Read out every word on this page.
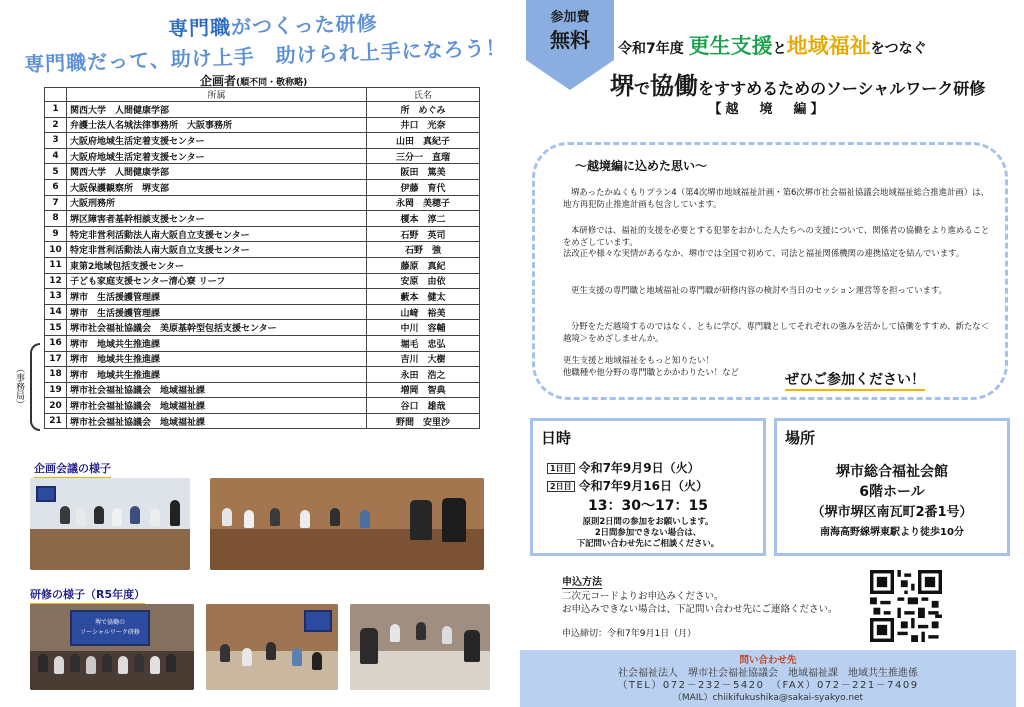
専門職がつくった研修
専門職だって、助け上手　助けられ上手になろう！
企画者(順不同・敬称略)
	所属	氏名
1	関西大学　人間健康学部	所　めぐみ
2	弁護士法人名城法律事務所　大阪事務所	井口　光奈
3	大阪府地域生活定着支援センター	山田　真紀子
4	大阪府地域生活定着支援センター	三分一　直瑠
5	関西大学　人間健康学部	阪田　篤美
6	大阪保護観察所　堺支部	伊藤　育代
7	大阪刑務所	永岡　美穂子
8	堺区障害者基幹相談支援センター	榎本　淳二
9	特定非営利活動法人南大阪自立支援センター	石野　英司
10	特定非営利活動法人南大阪自立支援センター	石野　強
11	東第2地域包括支援センター	藤原　真紀
12	子ども家庭支援センター清心寮 リーフ	安原　由依
13	堺市　生活援護管理課	藪本　健太
14	堺市　生活援護管理課	山﨑　裕美
15	堺市社会福祉協議会　美原基幹型包括支援センター	中川　容輔
16	堺市　地域共生推進課	堀毛　忠弘
17	堺市　地域共生推進課	吉川　大樹
18	堺市　地域共生推進課	永田　浩之
19	堺市社会福祉協議会　地域福祉課	増岡　智典
20	堺市社会福祉協議会　地域福祉課	谷口　雄哉
21	堺市社会福祉協議会　地域福祉課	野間　安里沙
（事務局）
企画会議の様子
研修の様子（R5年度）
堺で協働の
ソーシャルワーク研修
参加費
無料	令和7年度 更生支援と地域福祉をつなぐ
堺で協働をすすめるためのソーシャルワーク研修
【越　境　編】
～越境編に込めた思い～

堺あったかぬくもりプラン4（第4次堺市地域福祉計画・第6次堺市社会福祉協議会地域福祉総合推進計画）は、地方再犯防止推進計画も包含しています。

本研修では、福祉的支援を必要とする犯罪をおかした人たちへの支援について、関係者の協働をより進めることをめざしています。
法改正や様々な実情があるなか、堺市では全国で初めて、司法と福祉関係機関の連携協定を結んでいます。

更生支援の専門職と地域福祉の専門職が研修内容の検討や当日のセッション運営等を担っています。

分野をただ越境するのではなく、ともに学び、専門職としてそれぞれの強みを活かして協働をすすめ、新たな＜越境＞をめざしませんか。

更生支援と地域福祉をもっと知りたい！
他職種や他分野の専門職とかかわりたい！など

ぜひご参加ください！
日時
1日目 令和7年9月9日（火）
2日目 令和7年9月16日（火）
13：30～17：15
原則2日間の参加をお願いします。
2日間参加できない場合は、
下記問い合わせ先にご相談ください。
場所
堺市総合福祉会館
6階ホール
（堺市堺区南瓦町2番1号）
南海高野線堺東駅より徒歩10分
申込方法
二次元コードよりお申込みください。
お申込みできない場合は、下記問い合わせ先にご連絡ください。
申込締切：令和7年9月1日（月）
問い合わせ先
社会福祉法人　堺市社会福祉協議会　地域福祉課　地域共生推進係
（TEL）072－232－5420　（FAX）072－221－7409
（MAIL）chiikifukushika@sakai-syakyo.net
